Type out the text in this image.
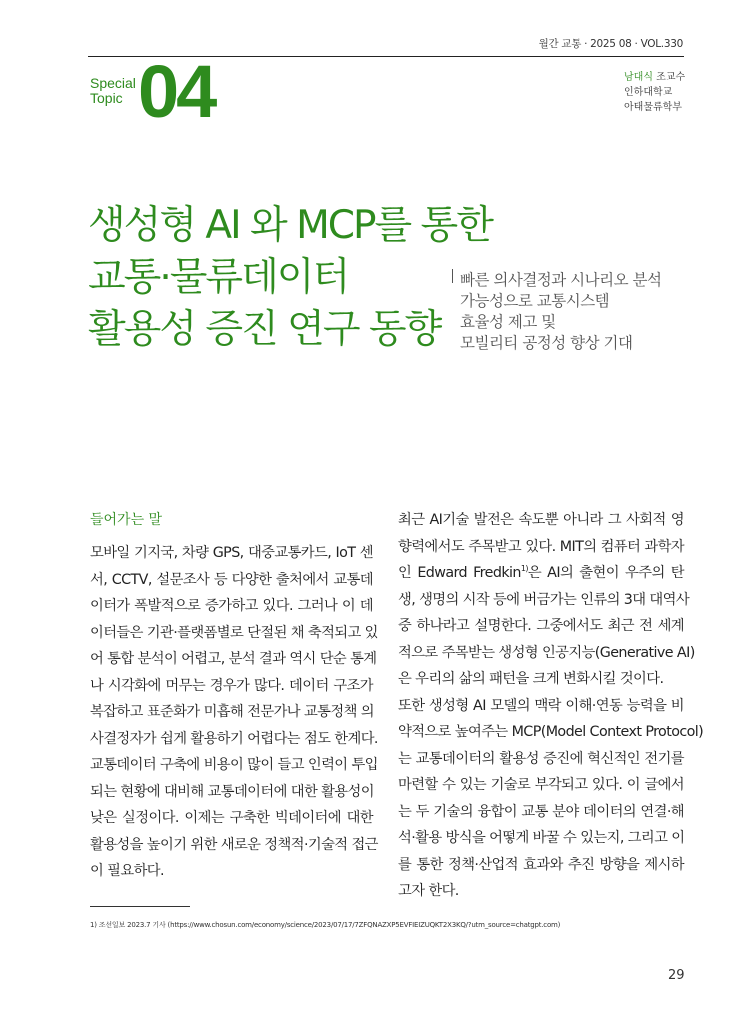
월간 교통 · 2025 08 · VOL.330
Special
Topic 04	남대식 조교수
인하대학교
아태물류학부
생성형 AI 와 MCP를 통한
교통·물류데이터
활용성 증진 연구 동향
빠른 의사결정과 시나리오 분석
가능성으로 교통시스템
효율성 제고 및
모빌리티 공정성 향상 기대
들어가는 말
모바일 기지국, 차량 GPS, 대중교통카드, IoT 센
서, CCTV, 설문조사 등 다양한 출처에서 교통데
이터가 폭발적으로 증가하고 있다. 그러나 이 데
이터들은 기관·플랫폼별로 단절된 채 축적되고 있
어 통합 분석이 어렵고, 분석 결과 역시 단순 통계
나 시각화에 머무는 경우가 많다. 데이터 구조가
복잡하고 표준화가 미흡해 전문가나 교통정책 의
사결정자가 쉽게 활용하기 어렵다는 점도 한계다.
교통데이터 구축에 비용이 많이 들고 인력이 투입
되는 현황에 대비해 교통데이터에 대한 활용성이
낮은 실정이다. 이제는 구축한 빅데이터에 대한
활용성을 높이기 위한 새로운 정책적·기술적 접근
이 필요하다.
최근 AI기술 발전은 속도뿐 아니라 그 사회적 영
향력에서도 주목받고 있다. MIT의 컴퓨터 과학자
인 Edward Fredkin$^{1)}$은 AI의 출현이 우주의 탄
생, 생명의 시작 등에 버금가는 인류의 3대 대역사
중 하나라고 설명한다. 그중에서도 최근 전 세계
적으로 주목받는 생성형 인공지능(Generative AI)
은 우리의 삶의 패턴을 크게 변화시킬 것이다.
또한 생성형 AI 모델의 맥락 이해·연동 능력을 비
약적으로 높여주는 MCP(Model Context Protocol)
는 교통데이터의 활용성 증진에 혁신적인 전기를
마련할 수 있는 기술로 부각되고 있다. 이 글에서
는 두 기술의 융합이 교통 분야 데이터의 연결·해
석·활용 방식을 어떻게 바꿀 수 있는지, 그리고 이
를 통한 정책·산업적 효과와 추진 방향을 제시하
고자 한다.
1) 조선일보 2023.7 기사 (https://www.chosun.com/economy/science/2023/07/17/7ZFQNAZXP5EVFIEIZUQKT2X3KQ/?utm_source=chatgpt.com)
29
